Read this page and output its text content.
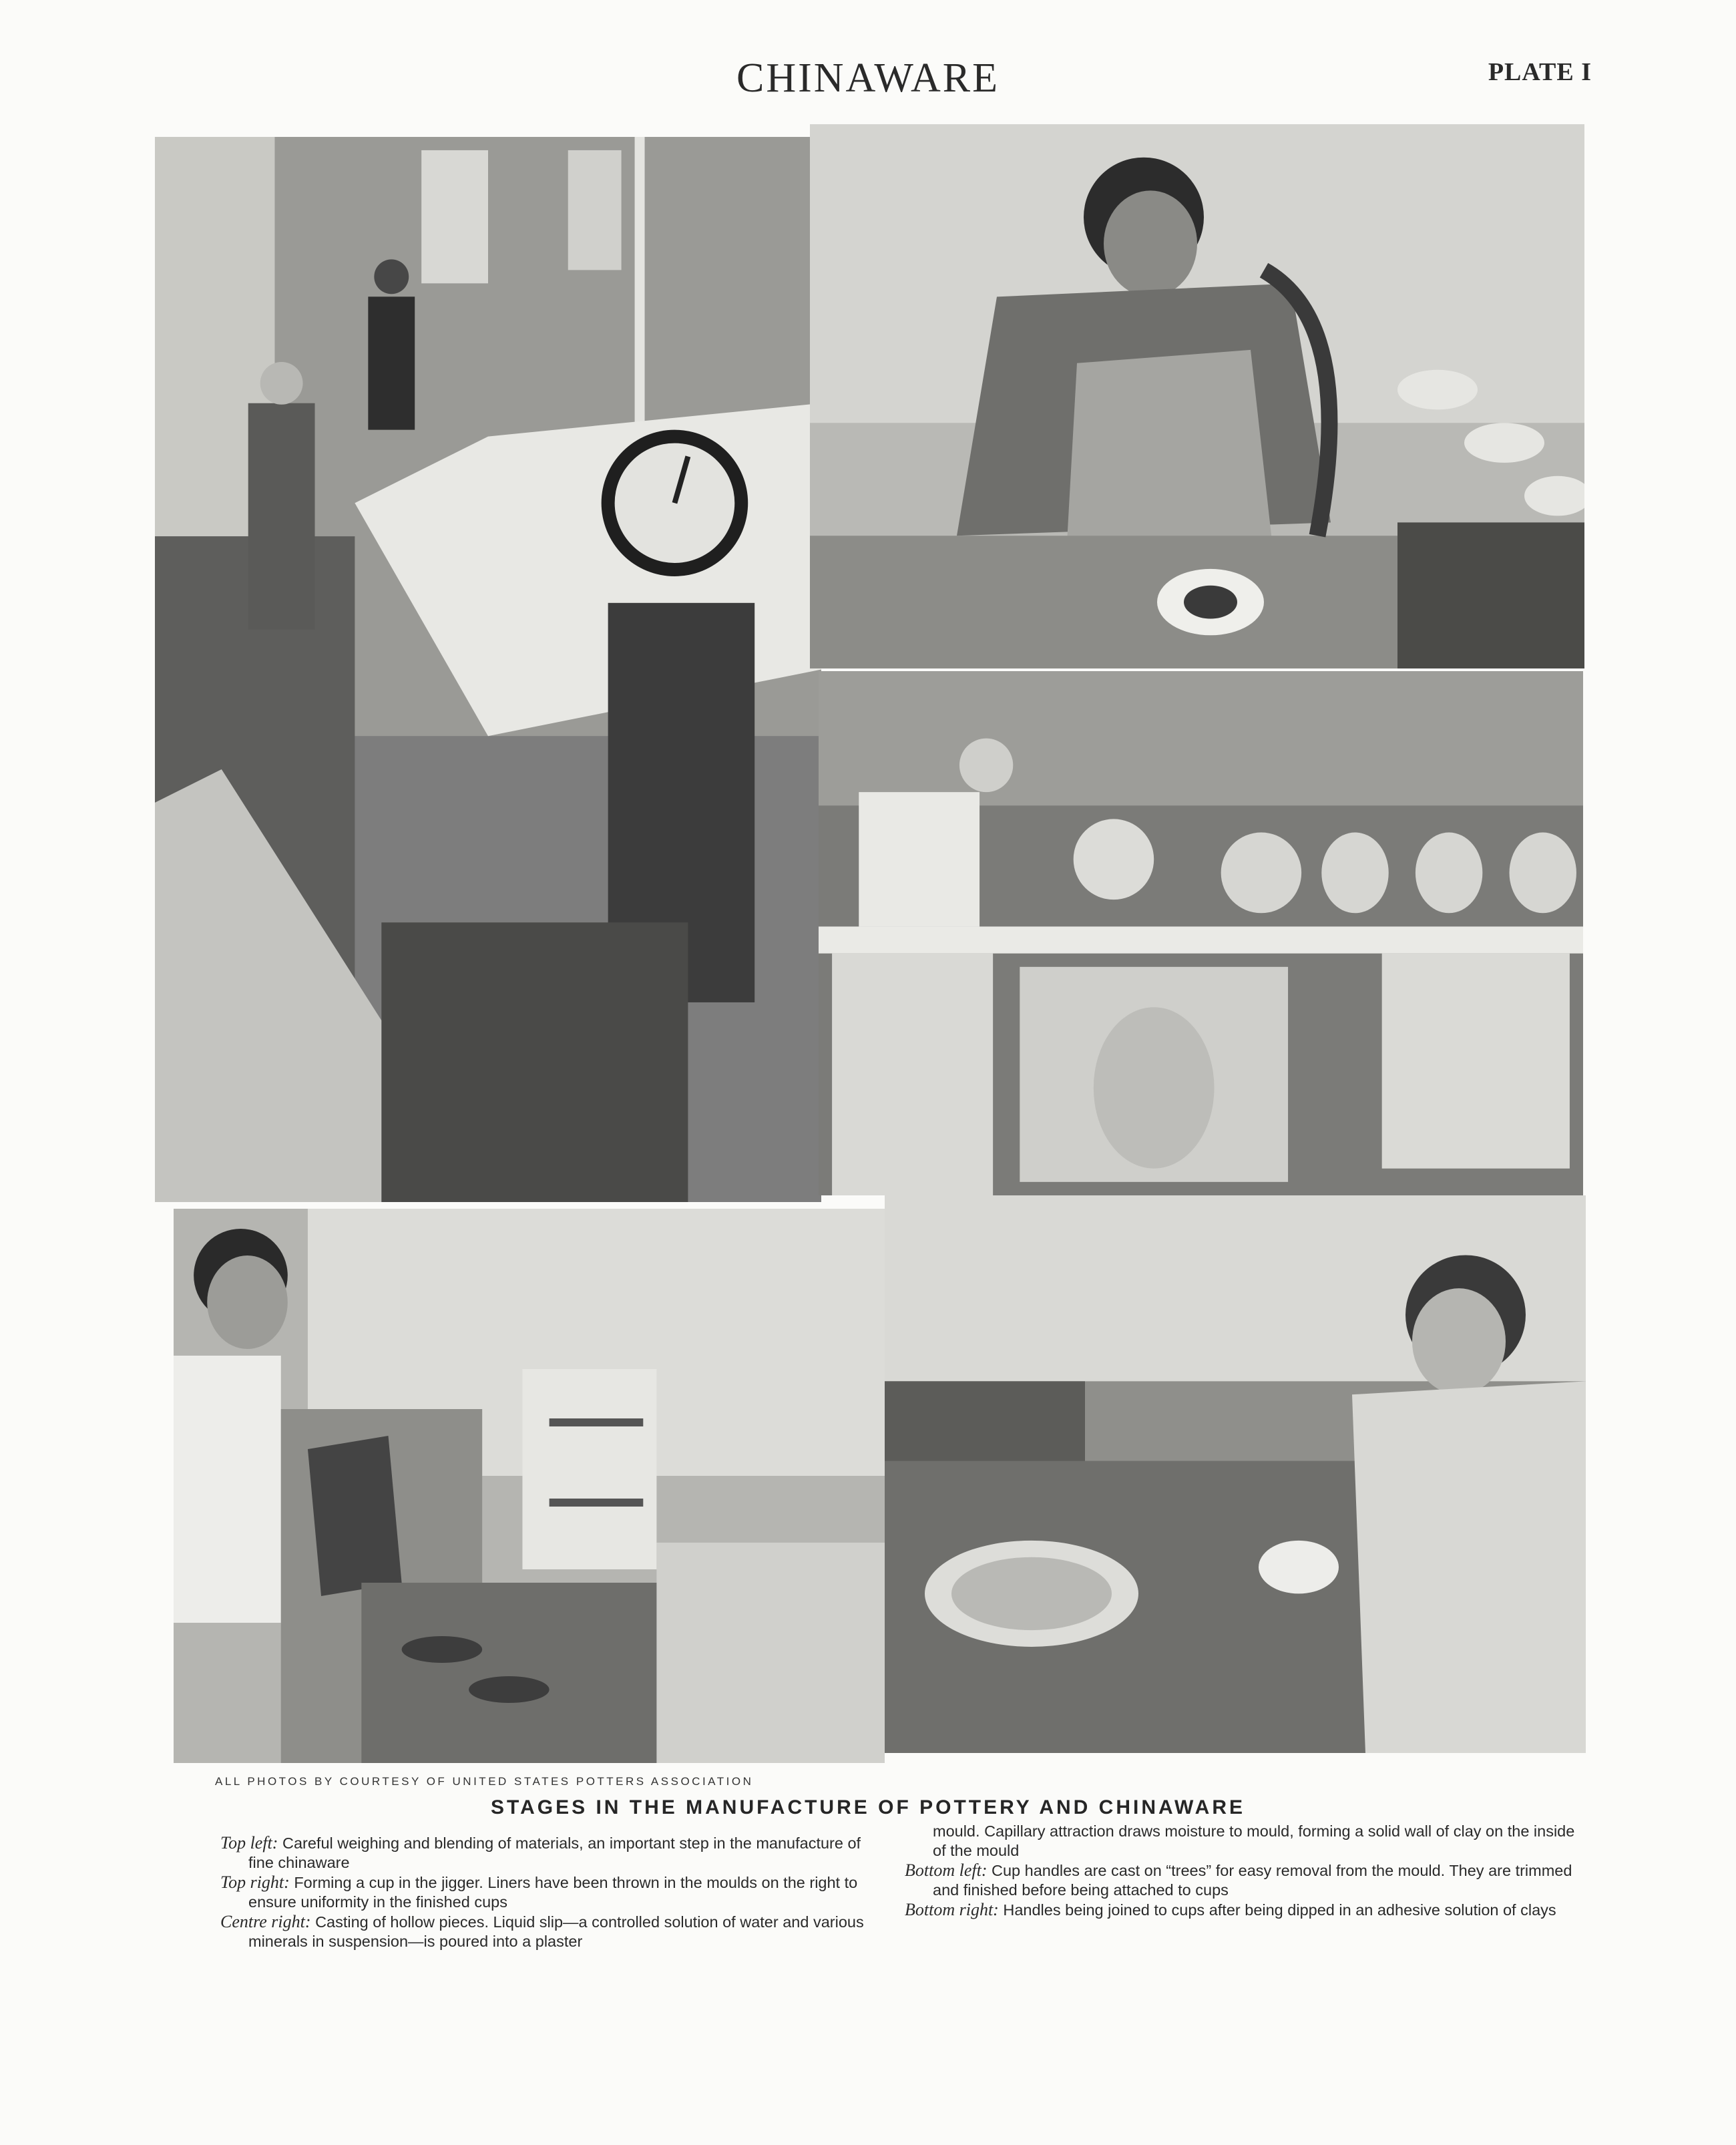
CHINAWARE	PLATE I
ALL PHOTOS BY COURTESY OF UNITED STATES POTTERS ASSOCIATION
STAGES IN THE MANUFACTURE OF POTTERY AND CHINAWARE

Top left: Careful weighing and blending of materials, an important step in the manufacture of fine chinaware

Top right: Forming a cup in the jigger. Liners have been thrown in the moulds on the right to ensure uniformity in the finished cups

Centre right: Casting of hollow pieces. Liquid slip—a controlled solution of water and various minerals in suspension—is poured into a plaster

mould. Capillary attraction draws moisture to mould, forming a solid wall of clay on the inside of the mould

Bottom left: Cup handles are cast on “trees” for easy removal from the mould. They are trimmed and finished before being attached to cups

Bottom right: Handles being joined to cups after being dipped in an adhesive solution of clays
